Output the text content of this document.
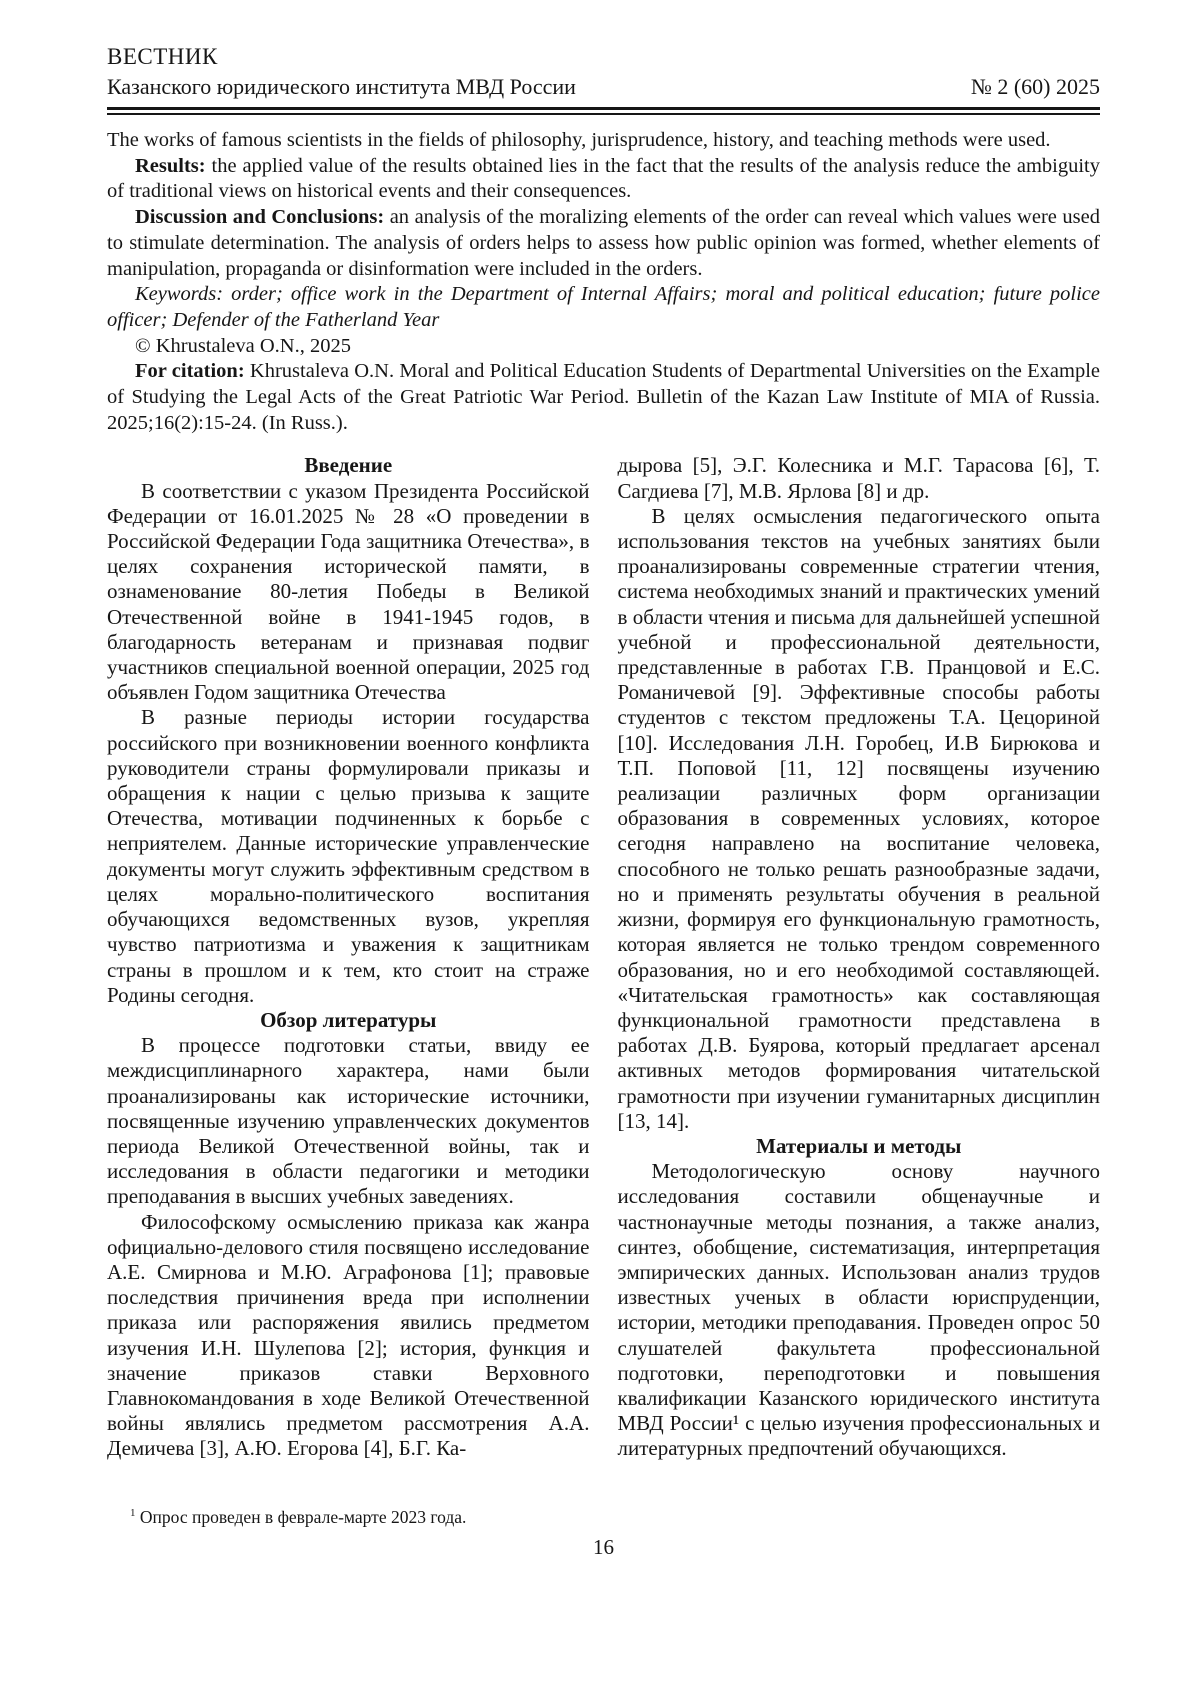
ВЕСТНИК
Казанского юридического института МВД России	№ 2 (60) 2025

The works of famous scientists in the fields of philosophy, jurisprudence, history, and teaching methods were used.

Results: the applied value of the results obtained lies in the fact that the results of the analysis reduce the ambiguity of traditional views on historical events and their consequences.

Discussion and Conclusions: an analysis of the moralizing elements of the order can reveal which values were used to stimulate determination. The analysis of orders helps to assess how public opinion was formed, whether elements of manipulation, propaganda or disinformation were included in the orders.

Keywords: order; office work in the Department of Internal Affairs; moral and political education; future police officer; Defender of the Fatherland Year

© Khrustaleva O.N., 2025

For citation: Khrustaleva O.N. Moral and Political Education Students of Departmental Universities on the Example of Studying the Legal Acts of the Great Patriotic War Period. Bulletin of the Kazan Law Institute of MIA of Russia. 2025;16(2):15-24. (In Russ.).

Введение

В соответствии с указом Президента Российской Федерации от 16.01.2025 № 28 «О проведении в Российской Федерации Года защитника Отечества», в целях сохранения исторической памяти, в ознаменование 80-летия Победы в Великой Отечественной войне в 1941-1945 годов, в благодарность ветеранам и признавая подвиг участников специальной военной операции, 2025 год объявлен Годом защитника Отечества

В разные периоды истории государства российского при возникновении военного конфликта руководители страны формулировали приказы и обращения к нации с целью призыва к защите Отечества, мотивации подчиненных к борьбе с неприятелем. Данные исторические управленческие документы могут служить эффективным средством в целях морально-политического воспитания обучающихся ведомственных вузов, укрепляя чувство патриотизма и уважения к защитникам страны в прошлом и к тем, кто стоит на страже Родины сегодня.

Обзор литературы

В процессе подготовки статьи, ввиду ее междисциплинарного характера, нами были проанализированы как исторические источники, посвященные изучению управленческих документов периода Великой Отечественной войны, так и исследования в области педагогики и методики преподавания в высших учебных заведениях.

Философскому осмыслению приказа как жанра официально-делового стиля посвящено исследование А.Е. Смирнова и М.Ю. Аграфонова [1]; правовые последствия причинения вреда при исполнении приказа или распоряжения явились предметом изучения И.Н. Шулепова [2]; история, функция и значение приказов ставки Верховного Главнокомандования в ходе Великой Отечественной войны являлись предметом рассмотрения А.А. Демичева [3], А.Ю. Егорова [4], Б.Г. Ка-

дырова [5], Э.Г. Колесника и М.Г. Тарасова [6], Т. Сагдиева [7], М.В. Ярлова [8] и др.

В целях осмысления педагогического опыта использования текстов на учебных занятиях были проанализированы современные стратегии чтения, система необходимых знаний и практических умений в области чтения и письма для дальнейшей успешной учебной и профессиональной деятельности, представленные в работах Г.В. Пранцовой и Е.С. Романичевой [9]. Эффективные способы работы студентов с текстом предложены Т.А. Цецориной [10]. Исследования Л.Н. Горобец, И.В Бирюкова и Т.П. Поповой [11, 12] посвящены изучению реализации различных форм организации образования в современных условиях, которое сегодня направлено на воспитание человека, способного не только решать разнообразные задачи, но и применять результаты обучения в реальной жизни, формируя его функциональную грамотность, которая является не только трендом современного образования, но и его необходимой составляющей. «Читательская грамотность» как составляющая функциональной грамотности представлена в работах Д.В. Буярова, который предлагает арсенал активных методов формирования читательской грамотности при изучении гуманитарных дисциплин [13, 14].

Материалы и методы

Методологическую основу научного исследования составили общенаучные и частнонаучные методы познания, а также анализ, синтез, обобщение, систематизация, интерпретация эмпирических данных. Использован анализ трудов известных ученых в области юриспруденции, истории, методики преподавания. Проведен опрос 50 слушателей факультета профессиональной подготовки, переподготовки и повышения квалификации Казанского юридического института МВД России¹ с целью изучения профессиональных и литературных предпочтений обучающихся.

$^1$ Опрос проведен в феврале-марте 2023 года.
16
